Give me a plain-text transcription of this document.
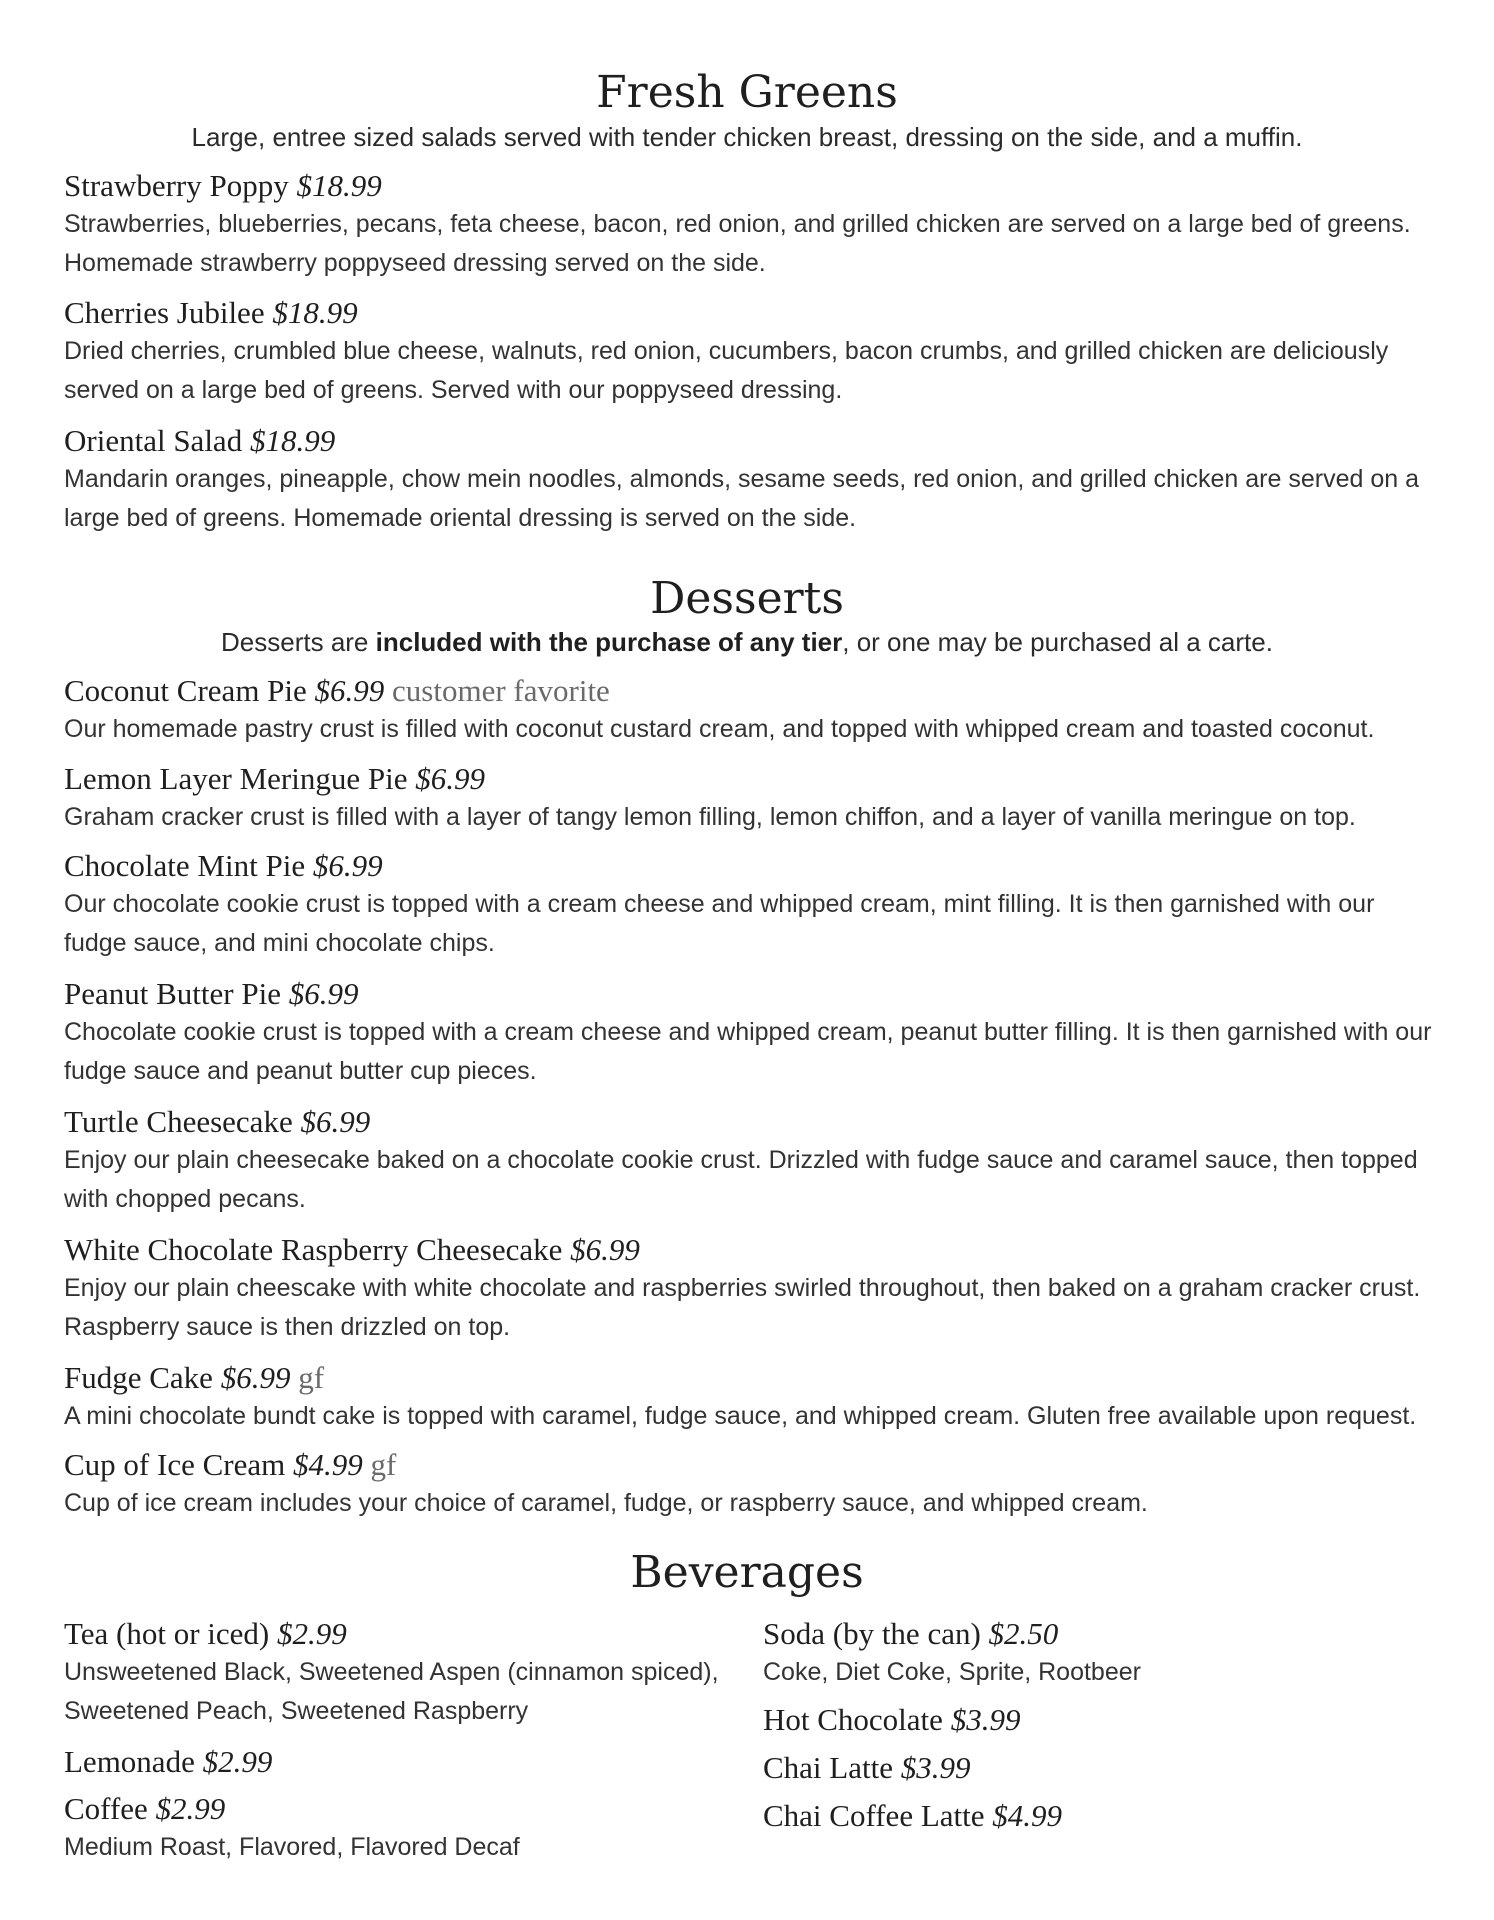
Fresh Greens
Large, entree sized salads served with tender chicken breast, dressing on the side, and a muffin.
Strawberry Poppy $18.99
Strawberries, blueberries, pecans, feta cheese, bacon, red onion, and grilled chicken are served on a large bed of greens. Homemade strawberry poppyseed dressing served on the side.
Cherries Jubilee $18.99
Dried cherries, crumbled blue cheese, walnuts, red onion, cucumbers, bacon crumbs, and grilled chicken are deliciously served on a large bed of greens. Served with our poppyseed dressing.
Oriental Salad $18.99
Mandarin oranges, pineapple, chow mein noodles, almonds, sesame seeds, red onion, and grilled chicken are served on a large bed of greens. Homemade oriental dressing is served on the side.
Desserts
Desserts are included with the purchase of any tier, or one may be purchased al a carte.
Coconut Cream Pie $6.99 customer favorite
Our homemade pastry crust is filled with coconut custard cream, and topped with whipped cream and toasted coconut.
Lemon Layer Meringue Pie $6.99
Graham cracker crust is filled with a layer of tangy lemon filling, lemon chiffon, and a layer of vanilla meringue on top.
Chocolate Mint Pie $6.99
Our chocolate cookie crust is topped with a cream cheese and whipped cream, mint filling. It is then garnished with our fudge sauce, and mini chocolate chips.
Peanut Butter Pie $6.99
Chocolate cookie crust is topped with a cream cheese and whipped cream, peanut butter filling. It is then garnished with our fudge sauce and peanut butter cup pieces.
Turtle Cheesecake $6.99
Enjoy our plain cheesecake baked on a chocolate cookie crust. Drizzled with fudge sauce and caramel sauce, then topped with chopped pecans.
White Chocolate Raspberry Cheesecake $6.99
Enjoy our plain cheescake with white chocolate and raspberries swirled throughout, then baked on a graham cracker crust. Raspberry sauce is then drizzled on top.
Fudge Cake $6.99 gf
A mini chocolate bundt cake is topped with caramel, fudge sauce, and whipped cream. Gluten free available upon request.
Cup of Ice Cream $4.99 gf
Cup of ice cream includes your choice of caramel, fudge, or raspberry sauce, and whipped cream.
Beverages
Tea (hot or iced) $2.99
Unsweetened Black, Sweetened Aspen (cinnamon spiced), Sweetened Peach, Sweetened Raspberry
Lemonade $2.99
Coffee $2.99
Medium Roast, Flavored, Flavored Decaf
Soda (by the can) $2.50
Coke, Diet Coke, Sprite, Rootbeer
Hot Chocolate $3.99
Chai Latte $3.99
Chai Coffee Latte $4.99
